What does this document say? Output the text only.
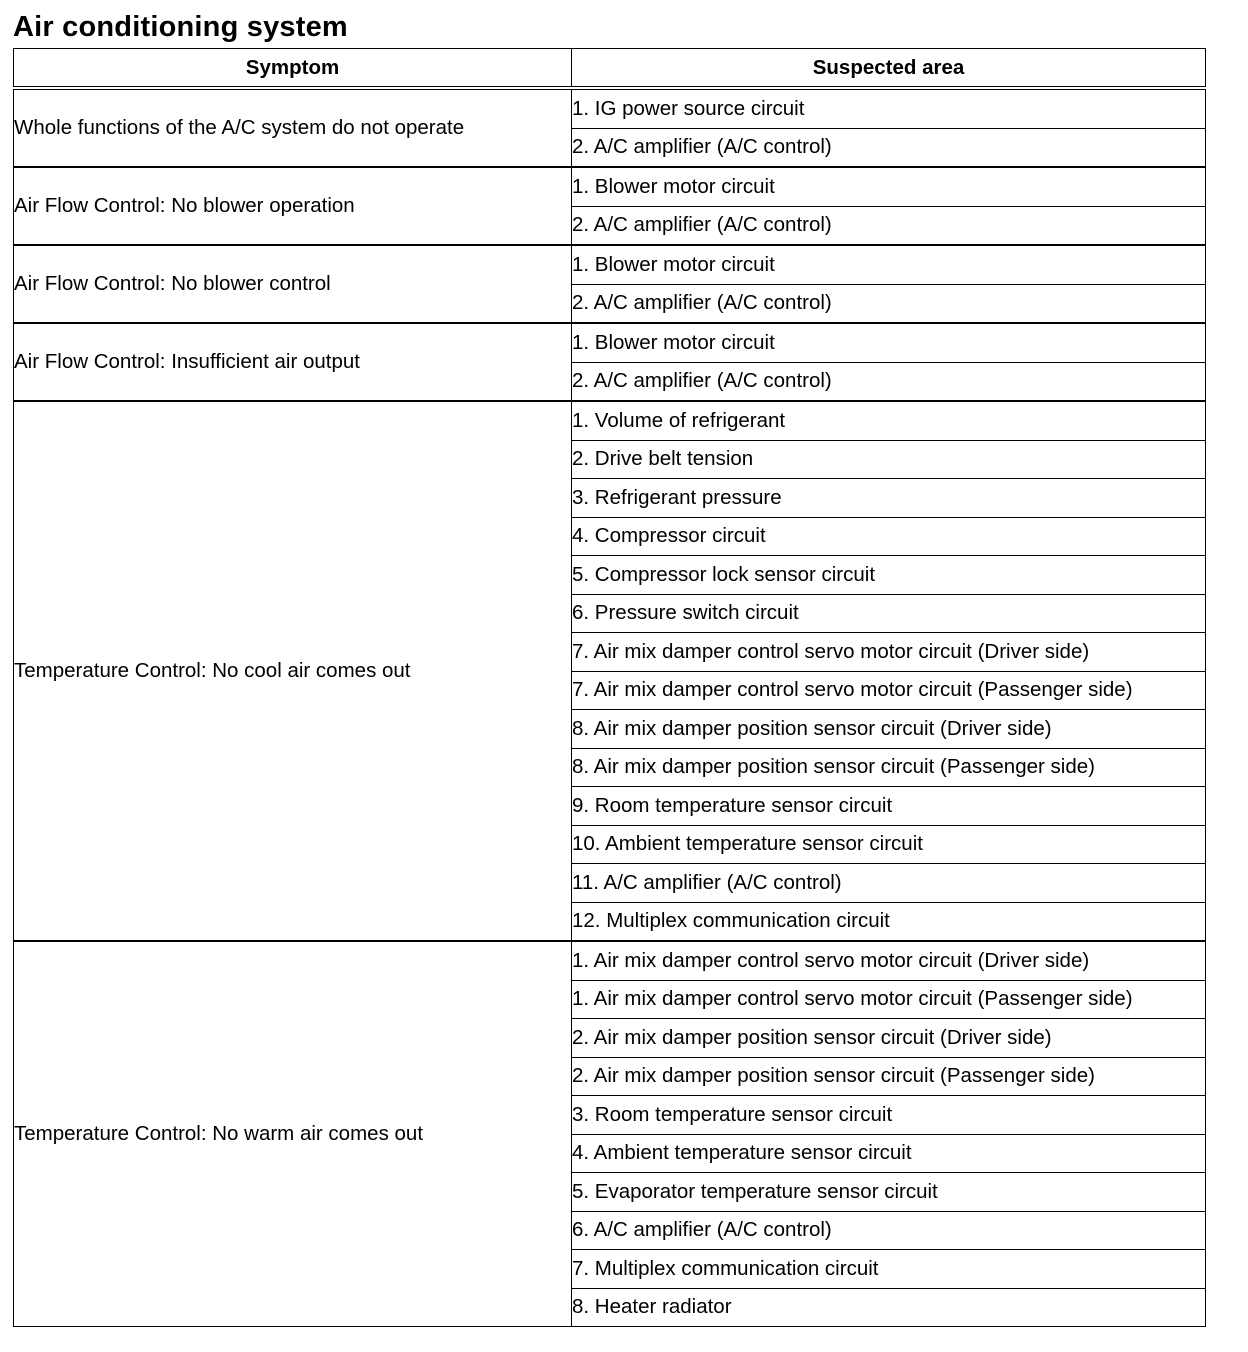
Air conditioning system
Symptom	Suspected area
Whole functions of the A/C system do not operate	1. IG power source circuit
	2. A/C amplifier (A/C control)
Air Flow Control: No blower operation	1. Blower motor circuit
	2. A/C amplifier (A/C control)
Air Flow Control: No blower control	1. Blower motor circuit
	2. A/C amplifier (A/C control)
Air Flow Control: Insufficient air output	1. Blower motor circuit
	2. A/C amplifier (A/C control)
Temperature Control: No cool air comes out	1. Volume of refrigerant
	2. Drive belt tension
	3. Refrigerant pressure
	4. Compressor circuit
	5. Compressor lock sensor circuit
	6. Pressure switch circuit
	7. Air mix damper control servo motor circuit (Driver side)
	7. Air mix damper control servo motor circuit (Passenger side)
	8. Air mix damper position sensor circuit (Driver side)
	8. Air mix damper position sensor circuit (Passenger side)
	9. Room temperature sensor circuit
	10. Ambient temperature sensor circuit
	11. A/C amplifier (A/C control)
	12. Multiplex communication circuit
Temperature Control: No warm air comes out	1. Air mix damper control servo motor circuit (Driver side)
	1. Air mix damper control servo motor circuit (Passenger side)
	2. Air mix damper position sensor circuit (Driver side)
	2. Air mix damper position sensor circuit (Passenger side)
	3. Room temperature sensor circuit
	4. Ambient temperature sensor circuit
	5. Evaporator temperature sensor circuit
	6. A/C amplifier (A/C control)
	7. Multiplex communication circuit
	8. Heater radiator
